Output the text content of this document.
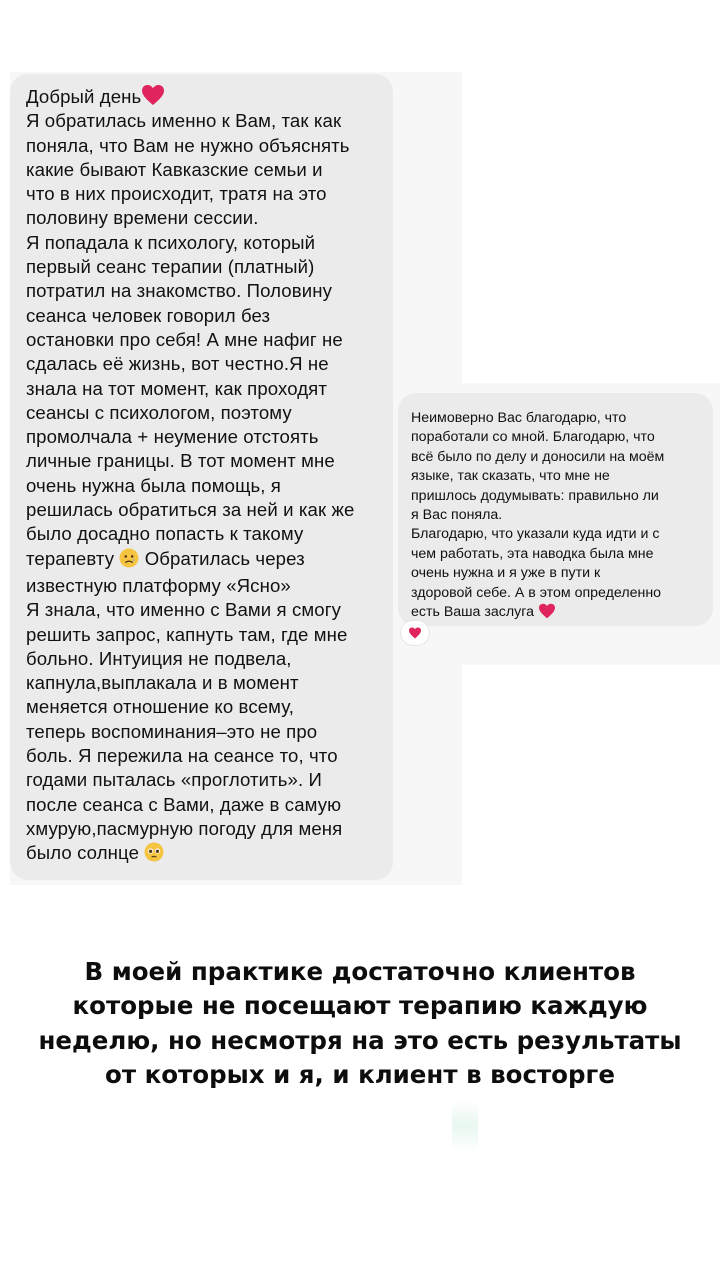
Добрый день

Я обратилась именно к Вам, так как
поняла, что Вам не нужно объяснять
какие бывают Кавказские семьи и
что в них происходит, тратя на это
половину времени сессии.
Я попадала к психологу, который
первый сеанс терапии (платный)
потратил на знакомство. Половину
сеанса человек говорил без
остановки про себя! А мне нафиг не
сдалась её жизнь, вот честно.Я не
знала на тот момент, как проходят
сеансы с психологом, поэтому
промолчала + неумение отстоять
личные границы. В тот момент мне
очень нужна была помощь, я
решилась обратиться за ней и как же
было досадно попасть к такому
терапевту  Обратилась через
известную платформу «Ясно»
Я знала, что именно с Вами я смогу
решить запрос, капнуть там, где мне
больно. Интуиция не подвела,
капнула,выплакала и в момент
меняется отношение ко всему,
теперь воспоминания–это не про
боль. Я пережила на сеансе то, что
годами пыталась «проглотить». И
после сеанса с Вами, даже в самую
хмурую,пасмурную погоду для меня
было солнце

Неимоверно Вас благодарю, что
поработали со мной. Благодарю, что
всё было по делу и доносили на моём
языке, так сказать, что мне не
пришлось додумывать: правильно ли
я Вас поняла.
Благодарю, что указали куда идти и с
чем работать, эта наводка была мне
очень нужна и я уже в пути к
здоровой себе. А в этом определенно
есть Ваша заслуга

В моей практике достаточно клиентов
которые не посещают терапию каждую
неделю, но несмотря на это есть результаты
от которых и я, и клиент в восторге
